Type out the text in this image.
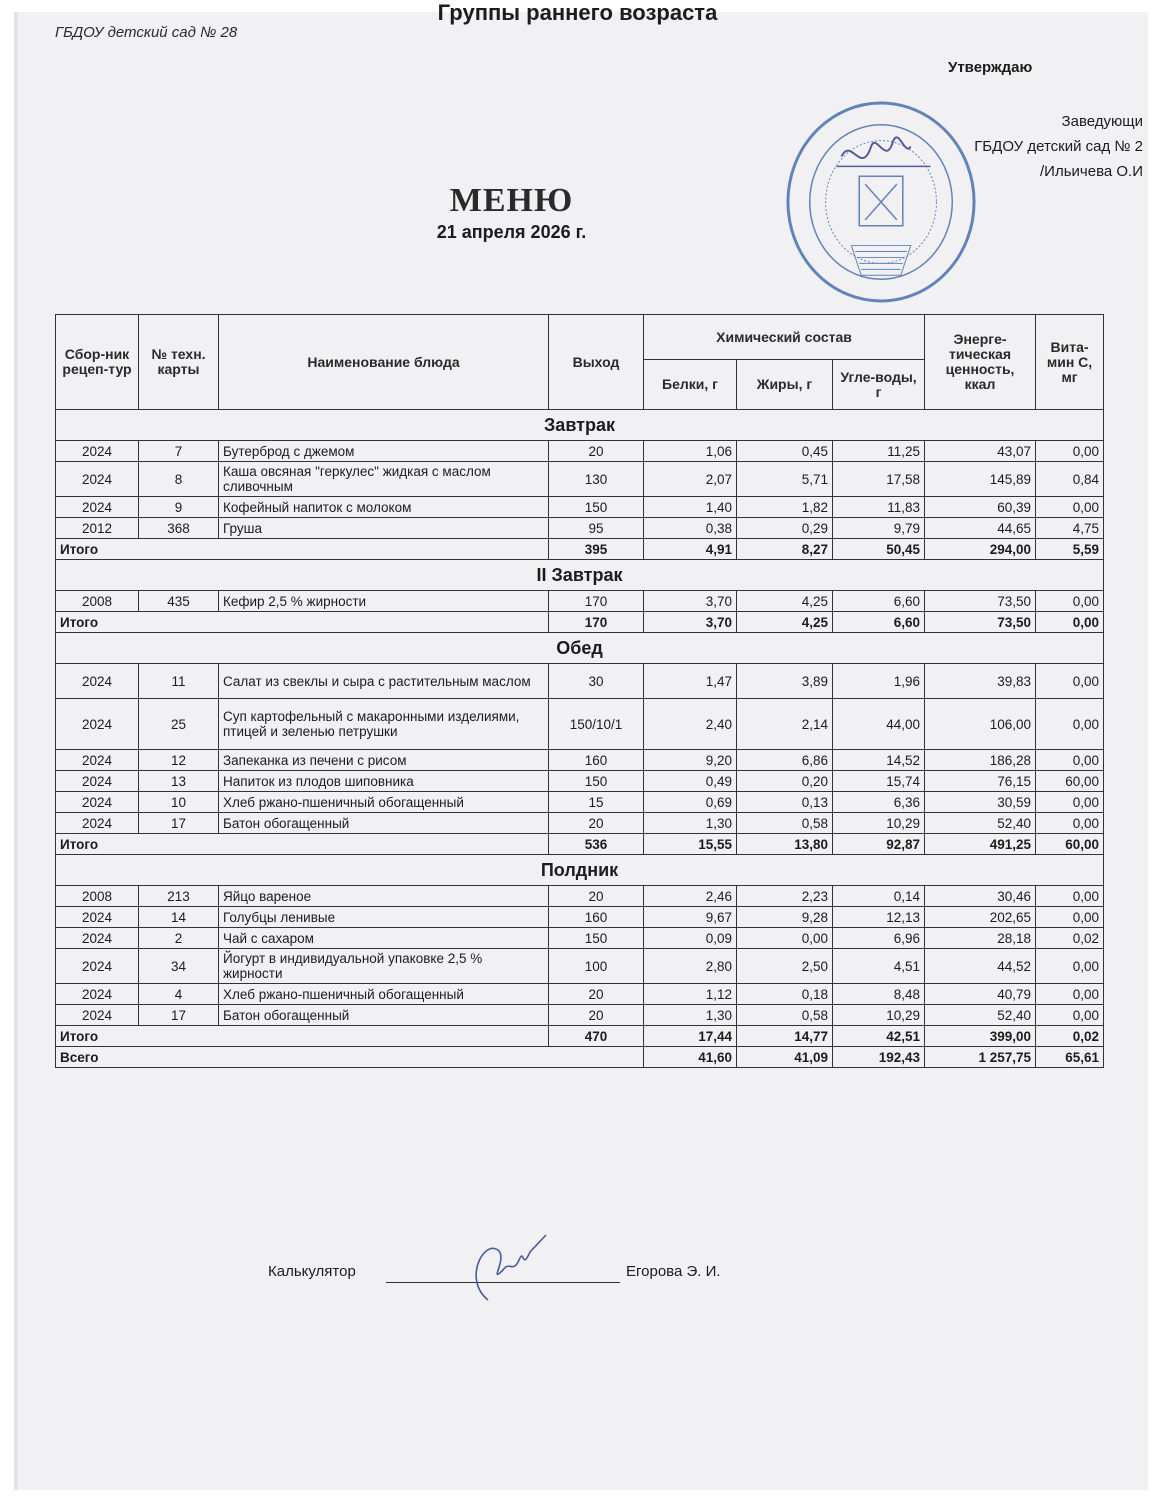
ГБДОУ детский сад № 28
Утверждаю
Заведующи
ГБДОУ детский сад № 2
/Ильичева О.И
МЕНЮ
21 апреля 2026 г.
Группы раннего возраста
Сбор-ник рецеп-тур	№ техн. карты	Наименование блюда	Выход	Химический состав			Энерге-тическая ценность, ккал	Вита-мин С, мг
				Белки, г	Жиры, г	Угле-воды, г		
Завтрак								
2024	7	Бутерброд с джемом	20	1,06	0,45	11,25	43,07	0,00
2024	8	Каша овсяная "геркулес" жидкая с маслом сливочным	130	2,07	5,71	17,58	145,89	0,84
2024	9	Кофейный напиток с молоком	150	1,40	1,82	11,83	60,39	0,00
2012	368	Груша	95	0,38	0,29	9,79	44,65	4,75
Итого			395	4,91	8,27	50,45	294,00	5,59
II Завтрак								
2008	435	Кефир 2,5 % жирности	170	3,70	4,25	6,60	73,50	0,00
Итого			170	3,70	4,25	6,60	73,50	0,00
Обед								
2024	11	Салат из свеклы и сыра с растительным маслом	30	1,47	3,89	1,96	39,83	0,00
2024	25	Суп картофельный с макаронными изделиями, птицей и зеленью петрушки	150/10/1	2,40	2,14	44,00	106,00	0,00
2024	12	Запеканка из печени с рисом	160	9,20	6,86	14,52	186,28	0,00
2024	13	Напиток из плодов шиповника	150	0,49	0,20	15,74	76,15	60,00
2024	10	Хлеб ржано-пшеничный обогащенный	15	0,69	0,13	6,36	30,59	0,00
2024	17	Батон обогащенный	20	1,30	0,58	10,29	52,40	0,00
Итого			536	15,55	13,80	92,87	491,25	60,00
Полдник								
2008	213	Яйцо вареное	20	2,46	2,23	0,14	30,46	0,00
2024	14	Голубцы ленивые	160	9,67	9,28	12,13	202,65	0,00
2024	2	Чай с сахаром	150	0,09	0,00	6,96	28,18	0,02
2024	34	Йогурт в индивидуальной упаковке 2,5 % жирности	100	2,80	2,50	4,51	44,52	0,00
2024	4	Хлеб ржано-пшеничный обогащенный	20	1,12	0,18	8,48	40,79	0,00
2024	17	Батон обогащенный	20	1,30	0,58	10,29	52,40	0,00
Итого			470	17,44	14,77	42,51	399,00	0,02
Всего				41,60	41,09	192,43	1 257,75	65,61
Калькулятор	Егорова Э. И.
